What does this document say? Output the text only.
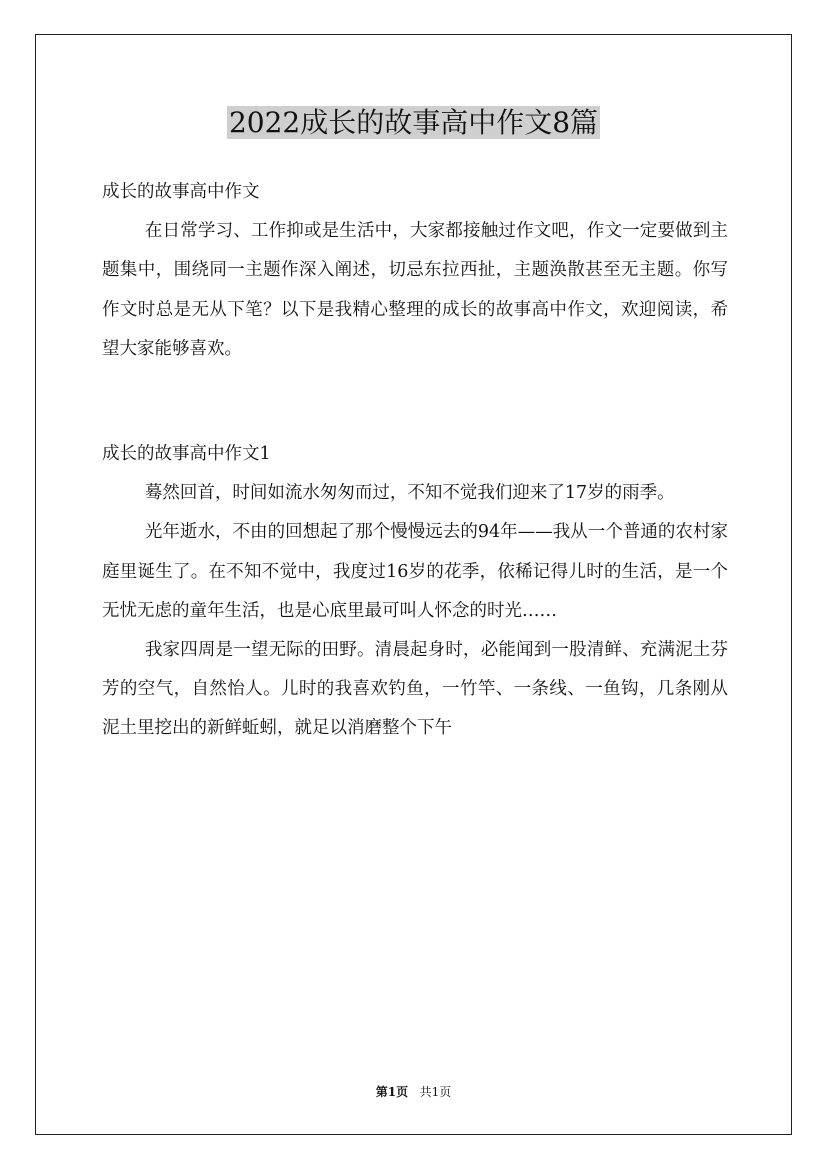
2022成长的故事高中作文8篇

成长的故事高中作文

在日常学习、工作抑或是生活中，大家都接触过作文吧，作文一定要做到主题集中，围绕同一主题作深入阐述，切忌东拉西扯，主题涣散甚至无主题。你写作文时总是无从下笔？以下是我精心整理的成长的故事高中作文，欢迎阅读，希望大家能够喜欢。

成长的故事高中作文1

蓦然回首，时间如流水匆匆而过，不知不觉我们迎来了17岁的雨季。

光年逝水，不由的回想起了那个慢慢远去的94年——我从一个普通的农村家庭里诞生了。在不知不觉中，我度过16岁的花季，依稀记得儿时的生活，是一个无忧无虑的童年生活，也是心底里最可叫人怀念的时光……

我家四周是一望无际的田野。清晨起身时，必能闻到一股清鲜、充满泥土芬芳的空气，自然怡人。儿时的我喜欢钓鱼，一竹竿、一条线、一鱼钩，几条刚从泥土里挖出的新鲜蚯蚓，就足以消磨整个下午

第1页 共1页
